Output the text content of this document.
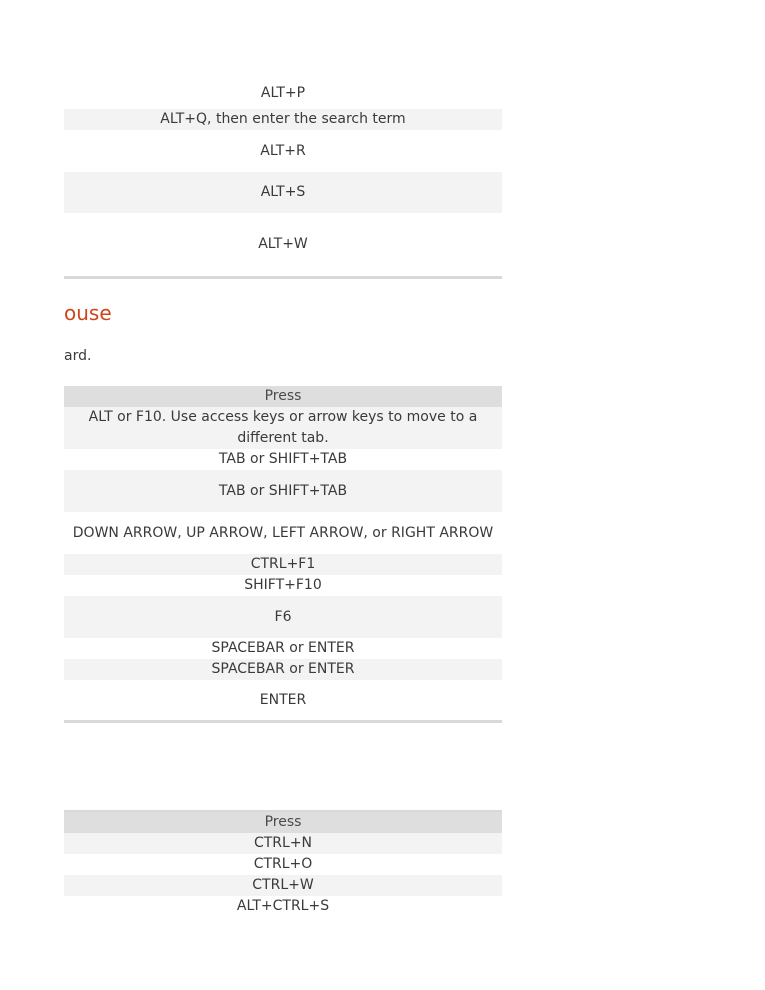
ALT+P
ALT+Q, then enter the search term
ALT+R
ALT+S
ALT+W
ouse
ard.
Press
ALT or F10. Use access keys or arrow keys to move to a different tab.
TAB or SHIFT+TAB
TAB or SHIFT+TAB
DOWN ARROW, UP ARROW, LEFT ARROW, or RIGHT ARROW
CTRL+F1
SHIFT+F10
F6
SPACEBAR or ENTER
SPACEBAR or ENTER
ENTER
Press
CTRL+N
CTRL+O
CTRL+W
ALT+CTRL+S
